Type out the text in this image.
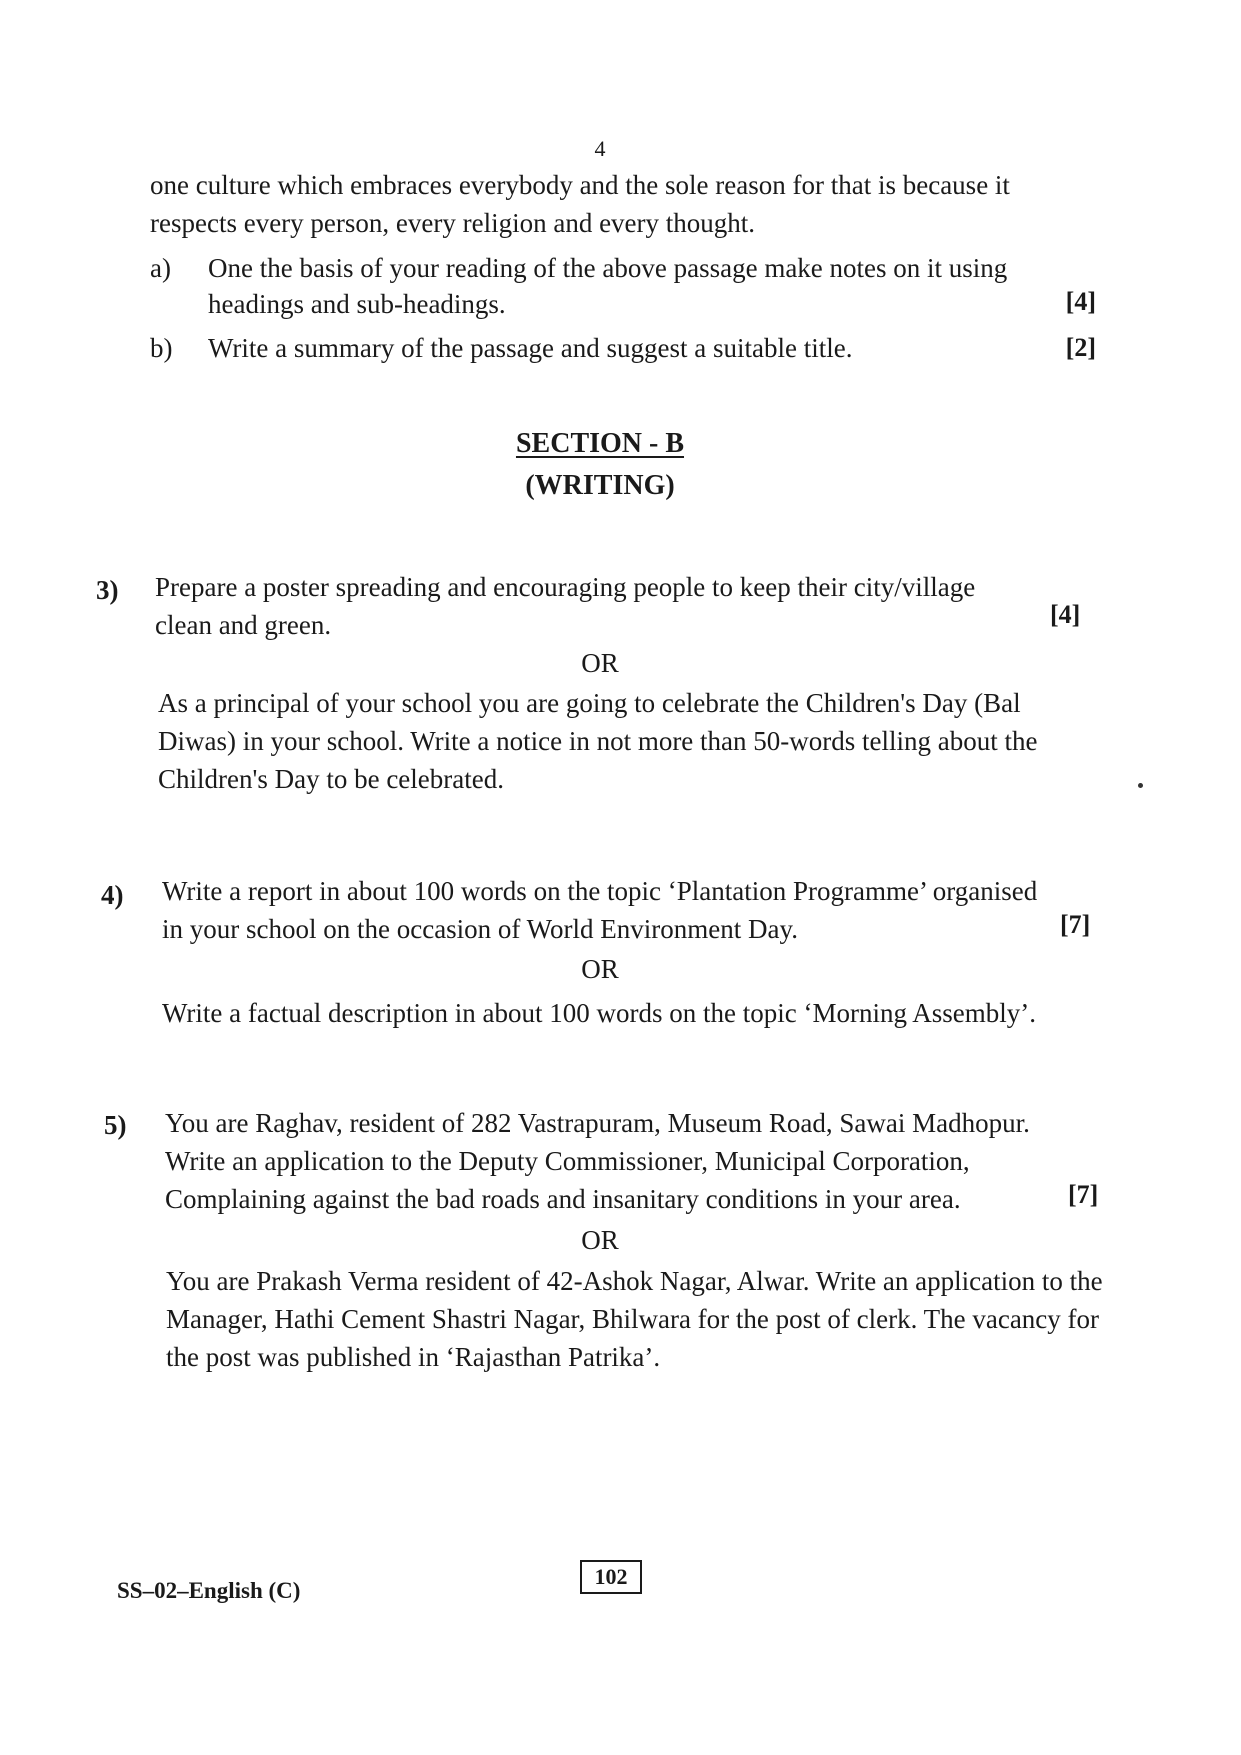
4
one culture which embraces everybody and the sole reason for that is because it respects every person, every religion and every thought.
a) One the basis of your reading of the above passage make notes on it using headings and sub-headings.	[4]
b) Write a summary of the passage and suggest a suitable title.	[2]
SECTION - B
(WRITING)
3) Prepare a poster spreading and encouraging people to keep their city/village clean and green.	[4]
OR
As a principal of your school you are going to celebrate the Children's Day (Bal Diwas) in your school. Write a notice in not more than 50-words telling about the Children's Day to be celebrated.
4) Write a report in about 100 words on the topic ‘Plantation Programme’ organised in your school on the occasion of World Environment Day.	[7]
OR
Write a factual description in about 100 words on the topic ‘Morning Assembly’.
5) You are Raghav, resident of 282 Vastrapuram, Museum Road, Sawai Madhopur. Write an application to the Deputy Commissioner, Municipal Corporation, Complaining against the bad roads and insanitary conditions in your area.	[7]
OR
You are Prakash Verma resident of 42-Ashok Nagar, Alwar. Write an application to the Manager, Hathi Cement Shastri Nagar, Bhilwara for the post of clerk. The vacancy for the post was published in ‘Rajasthan Patrika’.
SS–02–English (C)
102
